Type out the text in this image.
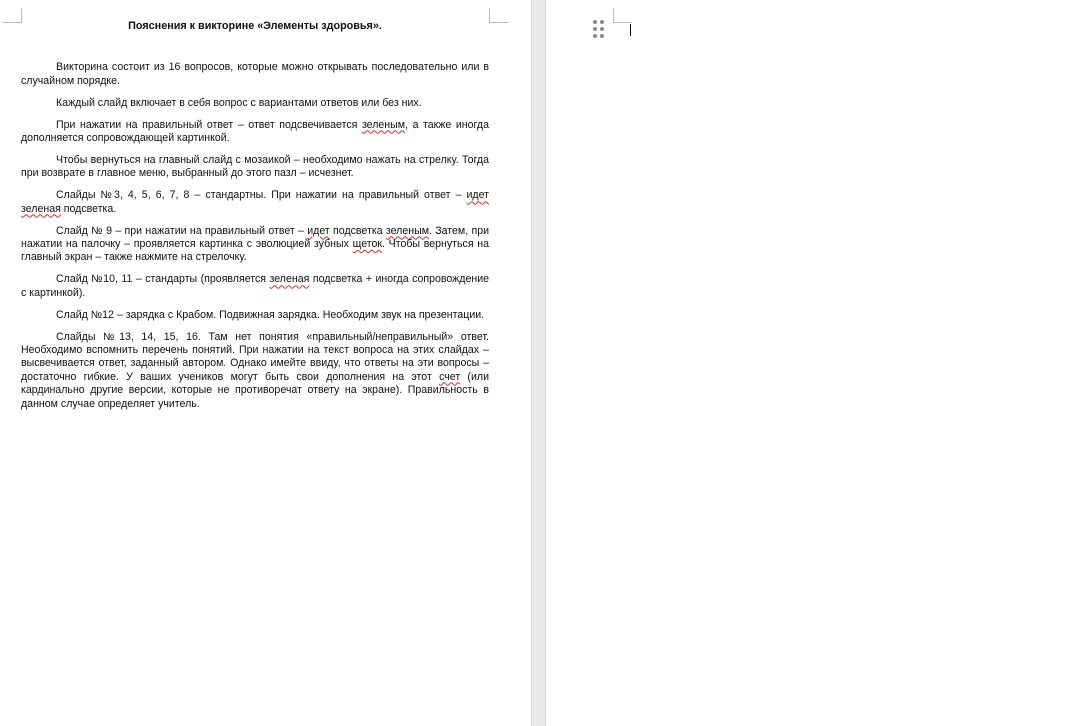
Пояснения к викторине «Элементы здоровья».

Викторина состоит из 16 вопросов, которые можно открывать последовательно или в случайном порядке.

Каждый слайд включает в себя вопрос с вариантами ответов или без них.

При нажатии на правильный ответ – ответ подсвечивается зеленым, а также иногда дополняется сопровождающей картинкой.

Чтобы вернуться на главный слайд с мозаикой – необходимо нажать на стрелку. Тогда при возврате в главное меню, выбранный до этого пазл – исчезнет.

Слайды №3, 4, 5, 6, 7, 8 – стандартны. При нажатии на правильный ответ – идет зеленая подсветка.

Слайд № 9 – при нажатии на правильный ответ – идет подсветка зеленым. Затем, при нажатии на палочку – проявляется картинка с эволюцией зубных щеток. Чтобы вернуться на главный экран – также нажмите на стрелочку.

Слайд №10, 11 – стандарты (проявляется зеленая подсветка + иногда сопровождение с картинкой).

Слайд №12 – зарядка с Крабом. Подвижная зарядка. Необходим звук на презентации.

Слайды №13, 14, 15, 16. Там нет понятия «правильный/неправильный» ответ. Необходимо вспомнить перечень понятий. При нажатии на текст вопроса на этих слайдах – высвечивается ответ, заданный автором. Однако имейте ввиду, что ответы на эти вопросы – достаточно гибкие. У ваших учеников могут быть свои дополнения на этот счет (или кардинально другие версии, которые не противоречат ответу на экране). Правильность в данном случае определяет учитель.
